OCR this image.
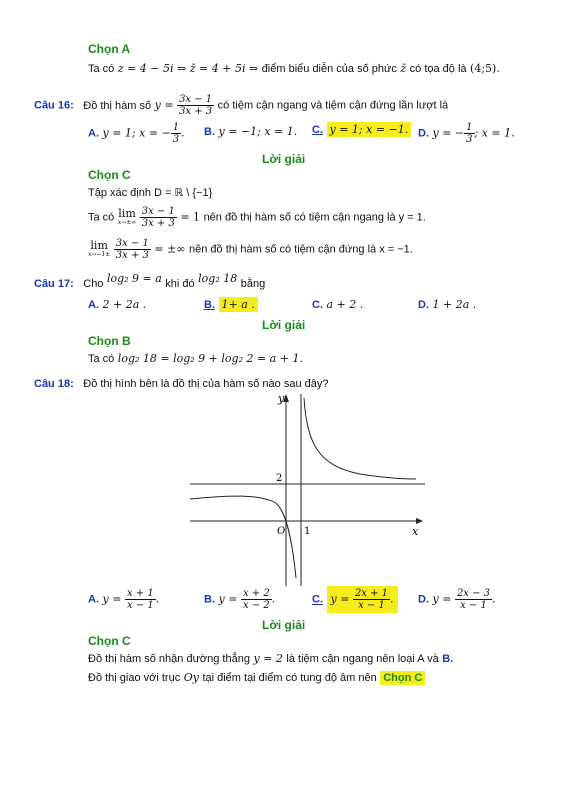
Chọn A
Ta có z = 4 − 5i ⇒ z̄ = 4 + 5i ⇒ điểm biểu diễn của số phức z̄ có tọa độ là (4;5).
Câu 16: Đồ thị hàm số $y = \frac{3x - 1}{3x + 3}$ có tiệm cận ngang và tiệm cận đứng lần lượt là
A. y = 1; x = − $\frac{1}{3}$ . B. y = −1; x = 1. C. y = 1; x = −1. D. y = − $\frac{1}{3}$ ; x = 1.
Lời giải
Chọn C
Tập xác định D = ℝ \ {−1}
Ta có lim
x→±∞
$\frac{3x - 1}{3x + 3} = 1$ nên đồ thị hàm số có tiệm cận ngang là y = 1.
lim
x→−1±
$\frac{3x - 1}{3x + 3}$ = ±∞ nên đồ thị hàm số có tiệm cận đứng là x = −1.
Câu 17: Cho log₂ 9 = a khi đó log₂ 18 bằng
A. 2 + 2a .	B. 1+ a .	C. a + 2 .	D. 1 + 2a .
Lời giải
Chọn B
Ta có log₂ 18 = log₂ 9 + log₂ 2 = a + 1.
Câu 18: Đồ thị hình bên là đồ thị của hàm số nào sau đây?
y
x
O 1
2
A. $y = \frac{x + 1}{x - 1}$ .	B. $y = \frac{x + 2}{x - 2}$ .	C. $y = \frac{2x + 1}{x - 1}$ .	D. $y = \frac{2x - 3}{x - 1}$ .
Lời giải
Chọn C
Đồ thị hàm số nhận đường thẳng y = 2 là tiệm cận ngang nên loại A và B.
Đồ thị giao với trục Oy tại điểm tại điểm có tung độ âm nên Chọn C
